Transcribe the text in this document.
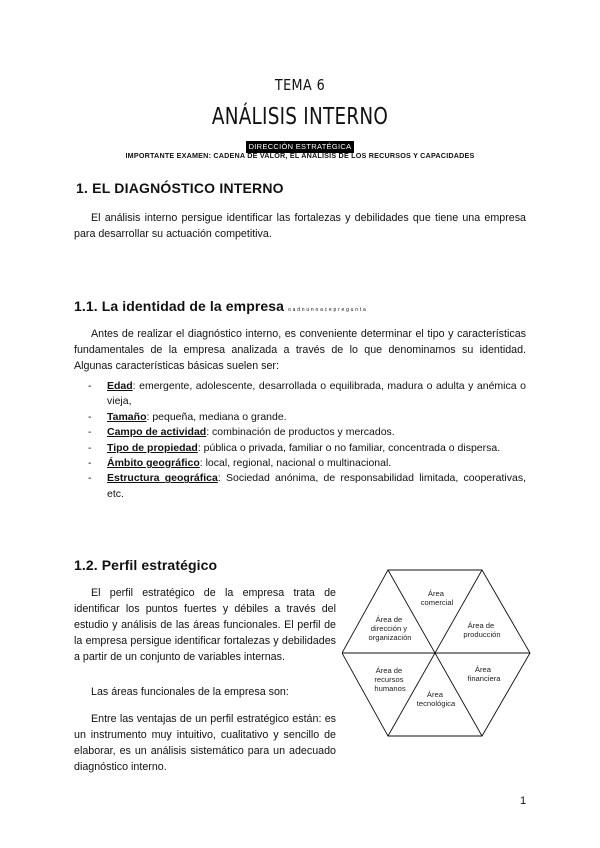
TEMA 6
ANÁLISIS INTERNO
DIRECCIÓN ESTRATÉGICA
IMPORTANTE EXAMEN: CADENA DE VALOR, EL ANÁLISIS DE LOS RECURSOS Y CAPACIDADES
1. EL DIAGNÓSTICO INTERNO
El análisis interno persigue identificar las fortalezas y debilidades que tiene una empresa para desarrollar su actuación competitiva.
1.1. La identidad de la empresa o a d n u n o a c e p r e g u n t a
Antes de realizar el diagnóstico interno, es conveniente determinar el tipo y características fundamentales de la empresa analizada a través de lo que denominamos su identidad. Algunas características básicas suelen ser:
- Edad: emergente, adolescente, desarrollada o equilibrada, madura o adulta y anémica o vieja,
- Tamaño: pequeña, mediana o grande.
- Campo de actividad: combinación de productos y mercados.
- Tipo de propiedad: pública o privada, familiar o no familiar, concentrada o dispersa.
- Ámbito geográfico: local, regional, nacional o multinacional.
- Estructura geográfica: Sociedad anónima, de responsabilidad limitada, cooperativas, etc.
1.2. Perfil estratégico
El perfil estratégico de la empresa trata de identificar los puntos fuertes y débiles a través del estudio y análisis de las áreas funcionales. El perfil de la empresa persigue identificar fortalezas y debilidades a partir de un conjunto de variables internas.
Las áreas funcionales de la empresa son:
Entre las ventajas de un perfil estratégico están: es un instrumento muy intuitivo, cualitativo y sencillo de elaborar, es un análisis sistemático para un adecuado diagnóstico interno.
Área comercial
Área de producción
Área financiera
Área tecnológica
Área de recursos humanos
Área de dirección y organización
1
